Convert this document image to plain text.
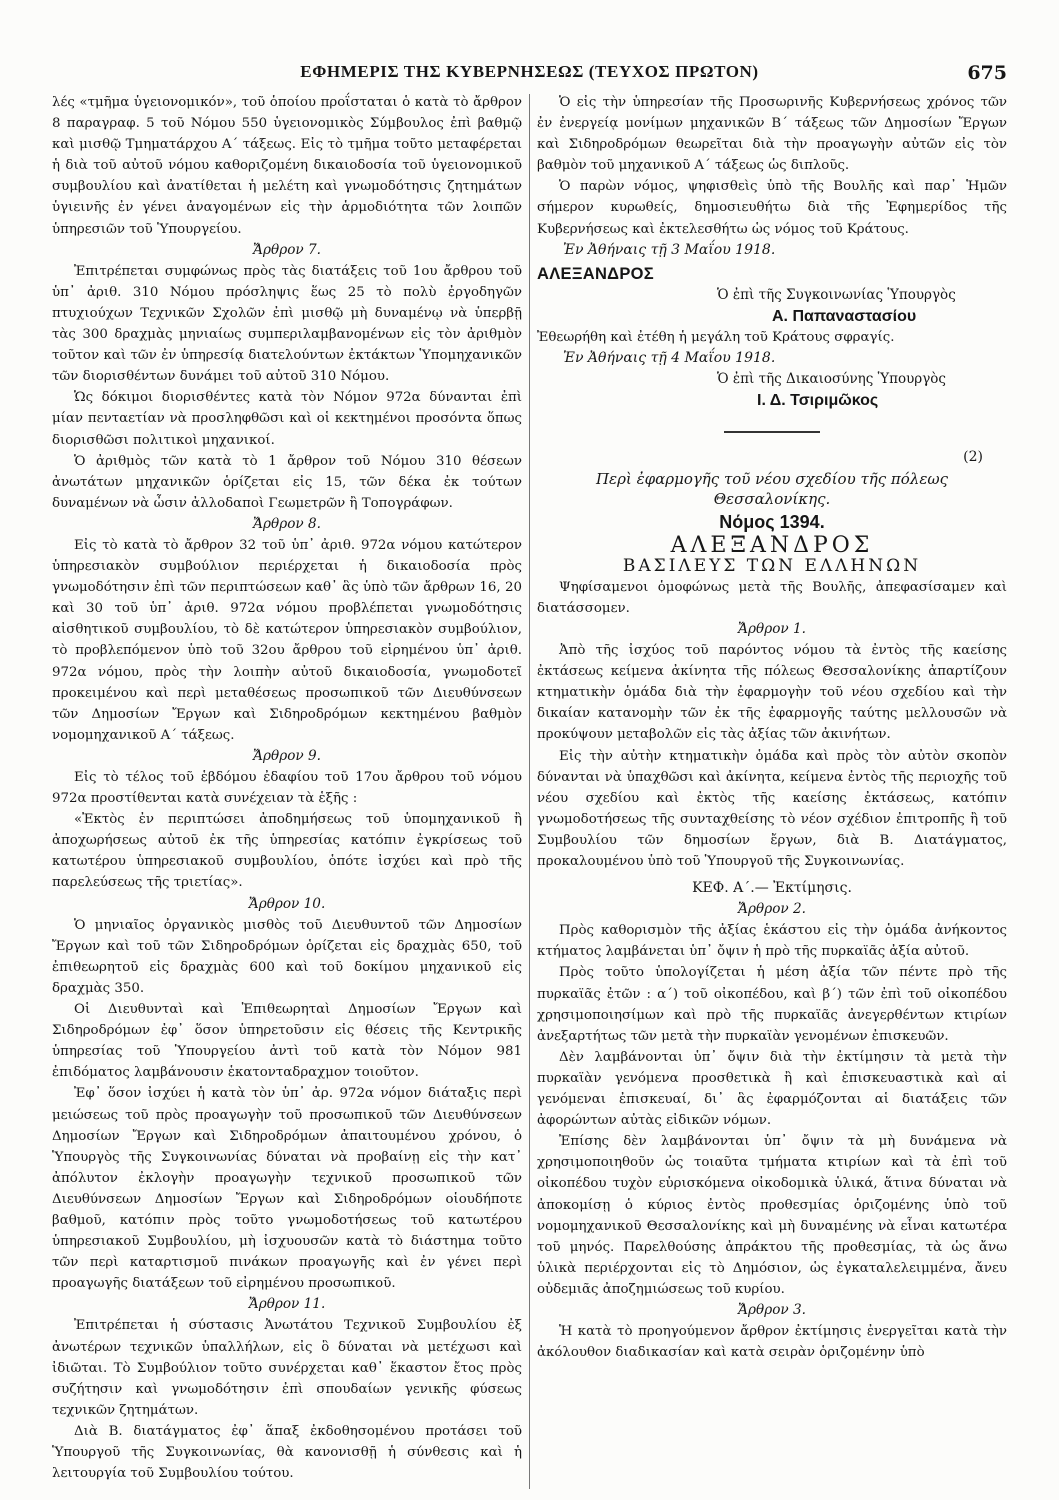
ΕΦΗΜΕΡΙΣ ΤΗΣ ΚΥΒΕΡΝΗΣΕΩΣ (ΤΕΥΧΟΣ ΠΡΩΤΟΝ)	675

λές «τμῆμα ὑγειονομικόν», τοῦ ὁποίου προΐσταται ὁ κατὰ τὸ ἄρθρον 8 παραγραφ. 5 τοῦ Νόμου 550 ὑγειονομικὸς Σύμβουλος ἐπὶ βαθμῷ καὶ μισθῷ Τμηματάρχου Α΄ τάξεως. Εἰς τὸ τμῆμα τοῦτο μεταφέρεται ἡ διὰ τοῦ αὐτοῦ νόμου καθοριζομένη δικαιοδοσία τοῦ ὑγειονομικοῦ συμβουλίου καὶ ἀνατίθεται ἡ μελέτη καὶ γνωμοδότησις ζητημάτων ὑγιεινῆς ἐν γένει ἀναγομένων εἰς τὴν ἁρμοδιότητα τῶν λοιπῶν ὑπηρεσιῶν τοῦ Ὑπουργείου.

Ἄρθρον 7.

Ἐπιτρέπεται συμφώνως πρὸς τὰς διατάξεις τοῦ 1ου ἄρθρου τοῦ ὑπ᾽ ἀριθ. 310 Νόμου πρόσληψις ἕως 25 τὸ πολὺ ἐργοδηγῶν πτυχιούχων Τεχνικῶν Σχολῶν ἐπὶ μισθῷ μὴ δυναμένῳ νὰ ὑπερβῇ τὰς 300 δραχμὰς μηνιαίως συμπεριλαμβανομένων εἰς τὸν ἀριθμὸν τοῦτον καὶ τῶν ἐν ὑπηρεσίᾳ διατελούντων ἐκτάκτων Ὑπομηχανικῶν τῶν διορισθέντων δυνάμει τοῦ αὐτοῦ 310 Νόμου.

Ὡς δόκιμοι διορισθέντες κατὰ τὸν Νόμον 972α δύνανται ἐπὶ μίαν πενταετίαν νὰ προσληφθῶσι καὶ οἱ κεκτημένοι προσόντα ὅπως διορισθῶσι πολιτικοὶ μηχανικοί.

Ὁ ἀριθμὸς τῶν κατὰ τὸ 1 ἄρθρον τοῦ Νόμου 310 θέσεων ἀνωτάτων μηχανικῶν ὁρίζεται εἰς 15, τῶν δέκα ἐκ τούτων δυναμένων νὰ ὦσιν ἀλλοδαποὶ Γεωμετρῶν ἢ Τοπογράφων.

Ἄρθρον 8.

Εἰς τὸ κατὰ τὸ ἄρθρον 32 τοῦ ὑπ᾽ ἀριθ. 972α νόμου κατώτερον ὑπηρεσιακὸν συμβούλιον περιέρχεται ἡ δικαιοδοσία πρὸς γνωμοδότησιν ἐπὶ τῶν περιπτώσεων καθ᾽ ἃς ὑπὸ τῶν ἄρθρων 16, 20 καὶ 30 τοῦ ὑπ᾽ ἀριθ. 972α νόμου προβλέπεται γνωμοδότησις αἰσθητικοῦ συμβουλίου, τὸ δὲ κατώτερον ὑπηρεσιακὸν συμβούλιον, τὸ προβλεπόμενον ὑπὸ τοῦ 32ου ἄρθρου τοῦ εἰρημένου ὑπ᾽ ἀριθ. 972α νόμου, πρὸς τὴν λοιπὴν αὐτοῦ δικαιοδοσία, γνωμοδοτεῖ προκειμένου καὶ περὶ μεταθέσεως προσωπικοῦ τῶν Διευθύνσεων τῶν Δημοσίων Ἔργων καὶ Σιδηροδρόμων κεκτημένου βαθμὸν νομομηχανικοῦ Α΄ τάξεως.

Ἄρθρον 9.

Εἰς τὸ τέλος τοῦ ἑβδόμου ἐδαφίου τοῦ 17ου ἄρθρου τοῦ νόμου 972α προστίθενται κατὰ συνέχειαν τὰ ἑξῆς :

«Ἐκτὸς ἐν περιπτώσει ἀποδημήσεως τοῦ ὑπομηχανικοῦ ἢ ἀποχωρήσεως αὐτοῦ ἐκ τῆς ὑπηρεσίας κατόπιν ἐγκρίσεως τοῦ κατωτέρου ὑπηρεσιακοῦ συμβουλίου, ὁπότε ἰσχύει καὶ πρὸ τῆς παρελεύσεως τῆς τριετίας».

Ἄρθρον 10.

Ὁ μηνιαῖος ὀργανικὸς μισθὸς τοῦ Διευθυντοῦ τῶν Δημοσίων Ἔργων καὶ τοῦ τῶν Σιδηροδρόμων ὁρίζεται εἰς δραχμὰς 650, τοῦ ἐπιθεωρητοῦ εἰς δραχμὰς 600 καὶ τοῦ δοκίμου μηχανικοῦ εἰς δραχμὰς 350.

Οἱ Διευθυνταὶ καὶ Ἐπιθεωρηταὶ Δημοσίων Ἔργων καὶ Σιδηροδρόμων ἐφ᾽ ὅσον ὑπηρετοῦσιν εἰς θέσεις τῆς Κεντρικῆς ὑπηρεσίας τοῦ Ὑπουργείου ἀντὶ τοῦ κατὰ τὸν Νόμον 981 ἐπιδόματος λαμβάνουσιν ἑκατονταδραχμον τοιοῦτον.

Ἐφ᾽ ὅσον ἰσχύει ἡ κατὰ τὸν ὑπ᾽ ἀρ. 972α νόμον διάταξις περὶ μειώσεως τοῦ πρὸς προαγωγὴν τοῦ προσωπικοῦ τῶν Διευθύνσεων Δημοσίων Ἔργων καὶ Σιδηροδρόμων ἀπαιτουμένου χρόνου, ὁ Ὑπουργὸς τῆς Συγκοινωνίας δύναται νὰ προβαίνῃ εἰς τὴν κατ᾽ ἀπόλυτον ἐκλογὴν προαγωγὴν τεχνικοῦ προσωπικοῦ τῶν Διευθύνσεων Δημοσίων Ἔργων καὶ Σιδηροδρόμων οἱουδήποτε βαθμοῦ, κατόπιν πρὸς τοῦτο γνωμοδοτήσεως τοῦ κατωτέρου ὑπηρεσιακοῦ Συμβουλίου, μὴ ἰσχυουσῶν κατὰ τὸ διάστημα τοῦτο τῶν περὶ καταρτισμοῦ πινάκων προαγωγῆς καὶ ἐν γένει περὶ προαγωγῆς διατάξεων τοῦ εἰρημένου προσωπικοῦ.

Ἄρθρον 11.

Ἐπιτρέπεται ἡ σύστασις Ἀνωτάτου Τεχνικοῦ Συμβουλίου ἐξ ἀνωτέρων τεχνικῶν ὑπαλλήλων, εἰς ὃ δύναται νὰ μετέχωσι καὶ ἰδιῶται. Τὸ Συμβούλιον τοῦτο συνέρχεται καθ᾽ ἕκαστον ἔτος πρὸς συζήτησιν καὶ γνωμοδότησιν ἐπὶ σπουδαίων γενικῆς φύσεως τεχνικῶν ζητημάτων.

Διὰ Β. διατάγματος ἐφ᾽ ἅπαξ ἐκδοθησομένου προτάσει τοῦ Ὑπουργοῦ τῆς Συγκοινωνίας, θὰ κανονισθῇ ἡ σύνθεσις καὶ ἡ λειτουργία τοῦ Συμβουλίου τούτου.

Ὁ εἰς τὴν ὑπηρεσίαν τῆς Προσωρινῆς Κυβερνήσεως χρόνος τῶν ἐν ἐνεργείᾳ μονίμων μηχανικῶν Β΄ τάξεως τῶν Δημοσίων Ἔργων καὶ Σιδηροδρόμων θεωρεῖται διὰ τὴν προαγωγὴν αὐτῶν εἰς τὸν βαθμὸν τοῦ μηχανικοῦ Α΄ τάξεως ὡς διπλοῦς.

Ὁ παρὼν νόμος, ψηφισθεὶς ὑπὸ τῆς Βουλῆς καὶ παρ᾽ Ἡμῶν σήμερον κυρωθείς, δημοσιευθήτω διὰ τῆς Ἐφημερίδος τῆς Κυβερνήσεως καὶ ἐκτελεσθήτω ὡς νόμος τοῦ Κράτους.

Ἐν Ἀθήναις τῇ 3 Μαΐου 1918.

ΑΛΕΞΑΝΔΡΟΣ

Ὁ ἐπὶ τῆς Συγκοινωνίας Ὑπουργὸς

Α. Παπαναστασίου

Ἐθεωρήθη καὶ ἐτέθη ἡ μεγάλη τοῦ Κράτους σφραγίς.

Ἐν Ἀθήναις τῇ 4 Μαΐου 1918.

Ὁ ἐπὶ τῆς Δικαιοσύνης Ὑπουργὸς

Ι. Δ. Τσιριμῶκος

(2)

Περὶ ἐφαρμογῆς τοῦ νέου σχεδίου τῆς πόλεως Θεσσαλονίκης.

Νόμος 1394.

ΑΛΕΞΑΝΔΡΟΣ

ΒΑΣΙΛΕΥΣ ΤΩΝ ΕΛΛΗΝΩΝ

Ψηφίσαμενοι ὁμοφώνως μετὰ τῆς Βουλῆς, ἀπεφασίσαμεν καὶ διατάσσομεν.

Ἄρθρον 1.

Ἀπὸ τῆς ἰσχύος τοῦ παρόντος νόμου τὰ ἐντὸς τῆς καείσης ἐκτάσεως κείμενα ἀκίνητα τῆς πόλεως Θεσσαλονίκης ἀπαρτίζουν κτηματικὴν ὁμάδα διὰ τὴν ἐφαρμογὴν τοῦ νέου σχεδίου καὶ τὴν δικαίαν κατανομὴν τῶν ἐκ τῆς ἐφαρμογῆς ταύτης μελλουσῶν νὰ προκύψουν μεταβολῶν εἰς τὰς ἀξίας τῶν ἀκινήτων.

Εἰς τὴν αὐτὴν κτηματικὴν ὁμάδα καὶ πρὸς τὸν αὐτὸν σκοπὸν δύνανται νὰ ὑπαχθῶσι καὶ ἀκίνητα, κείμενα ἐντὸς τῆς περιοχῆς τοῦ νέου σχεδίου καὶ ἐκτὸς τῆς καείσης ἐκτάσεως, κατόπιν γνωμοδοτήσεως τῆς συνταχθείσης τὸ νέον σχέδιον ἐπιτροπῆς ἢ τοῦ Συμβουλίου τῶν δημοσίων ἔργων, διὰ Β. Διατάγματος, προκαλουμένου ὑπὸ τοῦ Ὑπουργοῦ τῆς Συγκοινωνίας.

ΚΕΦ. Α΄.— Ἐκτίμησις.

Ἄρθρον 2.

Πρὸς καθορισμὸν τῆς ἀξίας ἑκάστου εἰς τὴν ὁμάδα ἀνήκοντος κτήματος λαμβάνεται ὑπ᾽ ὄψιν ἡ πρὸ τῆς πυρκαϊᾶς ἀξία αὐτοῦ.

Πρὸς τοῦτο ὑπολογίζεται ἡ μέση ἀξία τῶν πέντε πρὸ τῆς πυρκαϊᾶς ἐτῶν : α΄) τοῦ οἰκοπέδου, καὶ β΄) τῶν ἐπὶ τοῦ οἰκοπέδου χρησιμοποιησίμων καὶ πρὸ τῆς πυρκαϊᾶς ἀνεγερθέντων κτιρίων ἀνεξαρτήτως τῶν μετὰ τὴν πυρκαϊὰν γενομένων ἐπισκευῶν.

Δὲν λαμβάνονται ὑπ᾽ ὄψιν διὰ τὴν ἐκτίμησιν τὰ μετὰ τὴν πυρκαϊὰν γενόμενα προσθετικὰ ἢ καὶ ἐπισκευαστικὰ καὶ αἱ γενόμεναι ἐπισκευαί, δι᾽ ἃς ἐφαρμόζονται αἱ διατάξεις τῶν ἀφορώντων αὐτὰς εἰδικῶν νόμων.

Ἐπίσης δὲν λαμβάνονται ὑπ᾽ ὄψιν τὰ μὴ δυνάμενα νὰ χρησιμοποιηθοῦν ὡς τοιαῦτα τμήματα κτιρίων καὶ τὰ ἐπὶ τοῦ οἰκοπέδου τυχὸν εὑρισκόμενα οἰκοδομικὰ ὑλικά, ἅτινα δύναται νὰ ἀποκομίσῃ ὁ κύριος ἐντὸς προθεσμίας ὁριζομένης ὑπὸ τοῦ νομομηχανικοῦ Θεσσαλονίκης καὶ μὴ δυναμένης νὰ εἶναι κατωτέρα τοῦ μηνός. Παρελθούσης ἀπράκτου τῆς προθεσμίας, τὰ ὡς ἄνω ὑλικὰ περιέρχονται εἰς τὸ Δημόσιον, ὡς ἐγκαταλελειμμένα, ἄνευ οὐδεμιᾶς ἀποζημιώσεως τοῦ κυρίου.

Ἄρθρον 3.

Ἡ κατὰ τὸ προηγούμενον ἄρθρον ἐκτίμησις ἐνεργεῖται κατὰ τὴν ἀκόλουθον διαδικασίαν καὶ κατὰ σειρὰν ὁριζομένην ὑπὸ
